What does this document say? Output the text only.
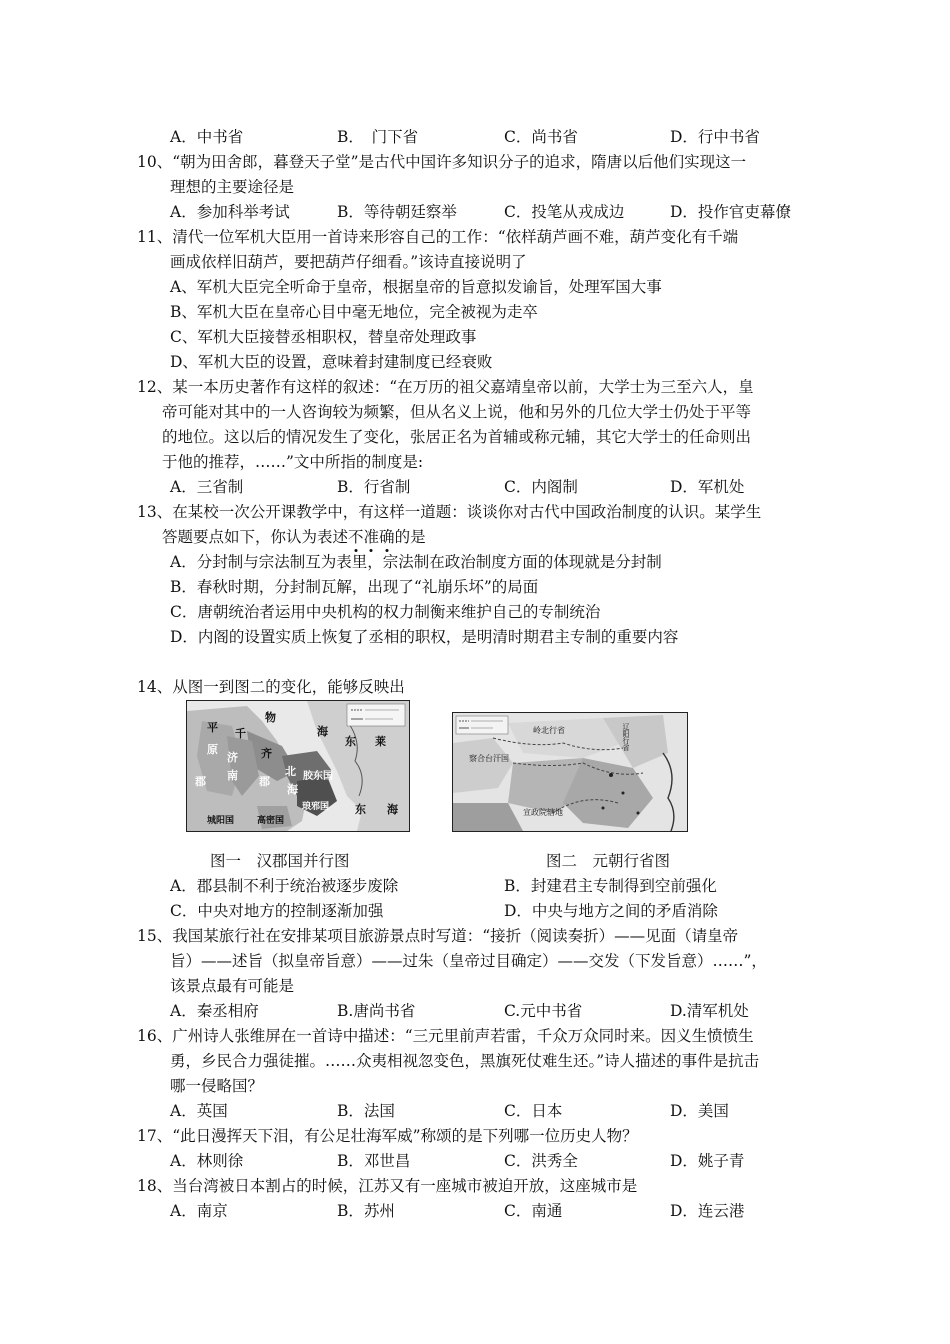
A．中书省	B．　门下省	C．尚书省	D．行中书省
10、“朝为田舍郎，暮登天子堂”是古代中国许多知识分子的追求，隋唐以后他们实现这一
理想的主要途径是
A．参加科举考试	B．等待朝廷察举	C．投笔从戎成边	D．投作官吏幕僚
11、清代一位军机大臣用一首诗来形容自己的工作：“依样葫芦画不难，葫芦变化有千端
画成依样旧葫芦，要把葫芦仔细看。”该诗直接说明了
A、军机大臣完全听命于皇帝，根据皇帝的旨意拟发谕旨，处理军国大事
B、军机大臣在皇帝心目中毫无地位，完全被视为走卒
C、军机大臣接替丞相职权，替皇帝处理政事
D、军机大臣的设置，意味着封建制度已经衰败
12、某一本历史著作有这样的叙述：“在万历的祖父嘉靖皇帝以前，大学士为三至六人，皇
帝可能对其中的一人咨询较为频繁，但从名义上说，他和另外的几位大学士仍处于平等
的地位。这以后的情况发生了变化，张居正名为首辅或称元辅，其它大学士的任命则出
于他的推荐，……”文中所指的制度是:
A．三省制	B．行省制	C．内阁制	D．军机处
13、在某校一次公开课教学中，有这样一道题：谈谈你对古代中国政治制度的认识。某学生
答题要点如下，你认为表述不准确的是
A．分封制与宗法制互为表里，宗法制在政治制度方面的体现就是分封制
B．春秋时期，分封制瓦解，出现了“礼崩乐坏”的局面
C．唐朝统治者运用中央机构的权力制衡来维护自己的专制统治
D．内阁的设置实质上恢复了丞相的职权，是明清时期君主专制的重要内容
14、从图一到图二的变化，能够反映出
物
海
东 莱
平
原
千
济 齐
南	北
郡
海
胶东国
琅邪国 东 海
城阳国	高密国
郡
岭北行省	辽阳行省
察合台汗国
宣政院辖地
图一　汉郡国并行图	图二　元朝行省图
A．郡县制不利于统治被逐步废除	B．封建君主专制得到空前强化
C．中央对地方的控制逐渐加强	D．中央与地方之间的矛盾消除
15、我国某旅行社在安排某项目旅游景点时写道：“接折（阅读奏折）——见面（请皇帝
旨）——述旨（拟皇帝旨意）——过朱（皇帝过目确定）——交发（下发旨意）……”，
该景点最有可能是
A．秦丞相府	B.唐尚书省	C.元中书省	D.清军机处
16、广州诗人张维屏在一首诗中描述：“三元里前声若雷，千众万众同时来。因义生愤愤生
勇，乡民合力强徒摧。……众夷相视忽变色，黑旗死仗难生还。”诗人描述的事件是抗击
哪一侵略国？
A．英国	B．法国	C．日本	D．美国
17、“此日漫挥天下泪，有公足壮海军威”称颂的是下列哪一位历史人物？
A．林则徐	B．邓世昌	C．洪秀全	D．姚子青
18、当台湾被日本割占的时候，江苏又有一座城市被迫开放，这座城市是
A．南京	B．苏州	C．南通	D．连云港
